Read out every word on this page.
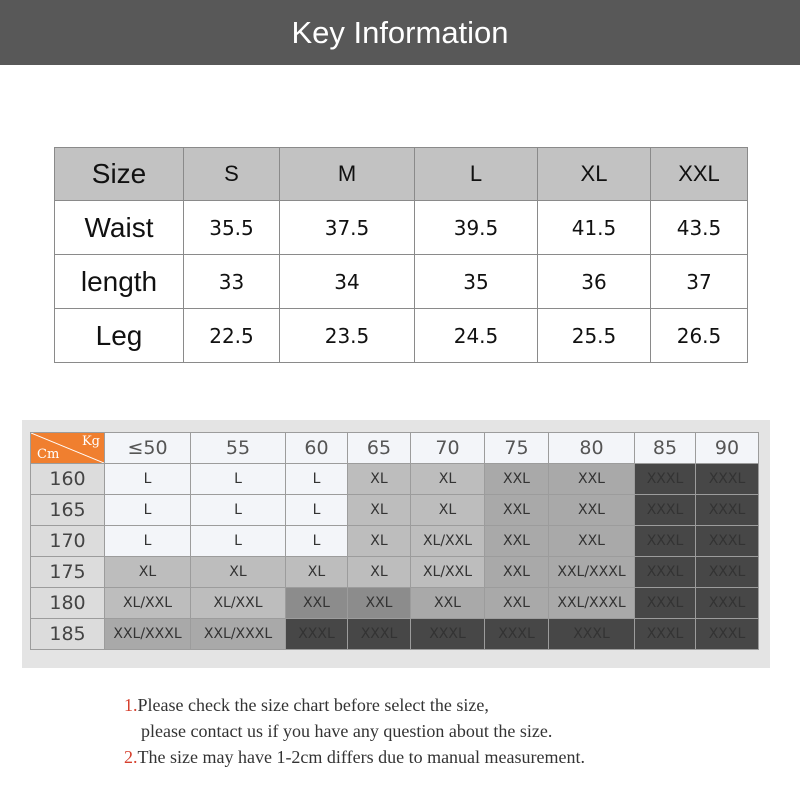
Key Information
Size	S	M	L	XL	XXL
Waist	35.5	37.5	39.5	41.5	43.5
length	33	34	35	36	37
Leg	22.5	23.5	24.5	25.5	26.5
Kg
Cm	≤50	55	60	65	70	75	80	85	90
160	L	L	L	XL	XL	XXL	XXL	XXXL	XXXL
165	L	L	L	XL	XL	XXL	XXL	XXXL	XXXL
170	L	L	L	XL	XL/XXL	XXL	XXL	XXXL	XXXL
175	XL	XL	XL	XL	XL/XXL	XXL	XXL/XXXL	XXXL	XXXL
180	XL/XXL	XL/XXL	XXL	XXL	XXL	XXL	XXL/XXXL	XXXL	XXXL
185	XXL/XXXL	XXL/XXXL	XXXL	XXXL	XXXL	XXXL	XXXL	XXXL	XXXL
1.Please check the size chart before select the size,
please contact us if you have any question about the size.
2.The size may have 1-2cm differs due to manual measurement.
